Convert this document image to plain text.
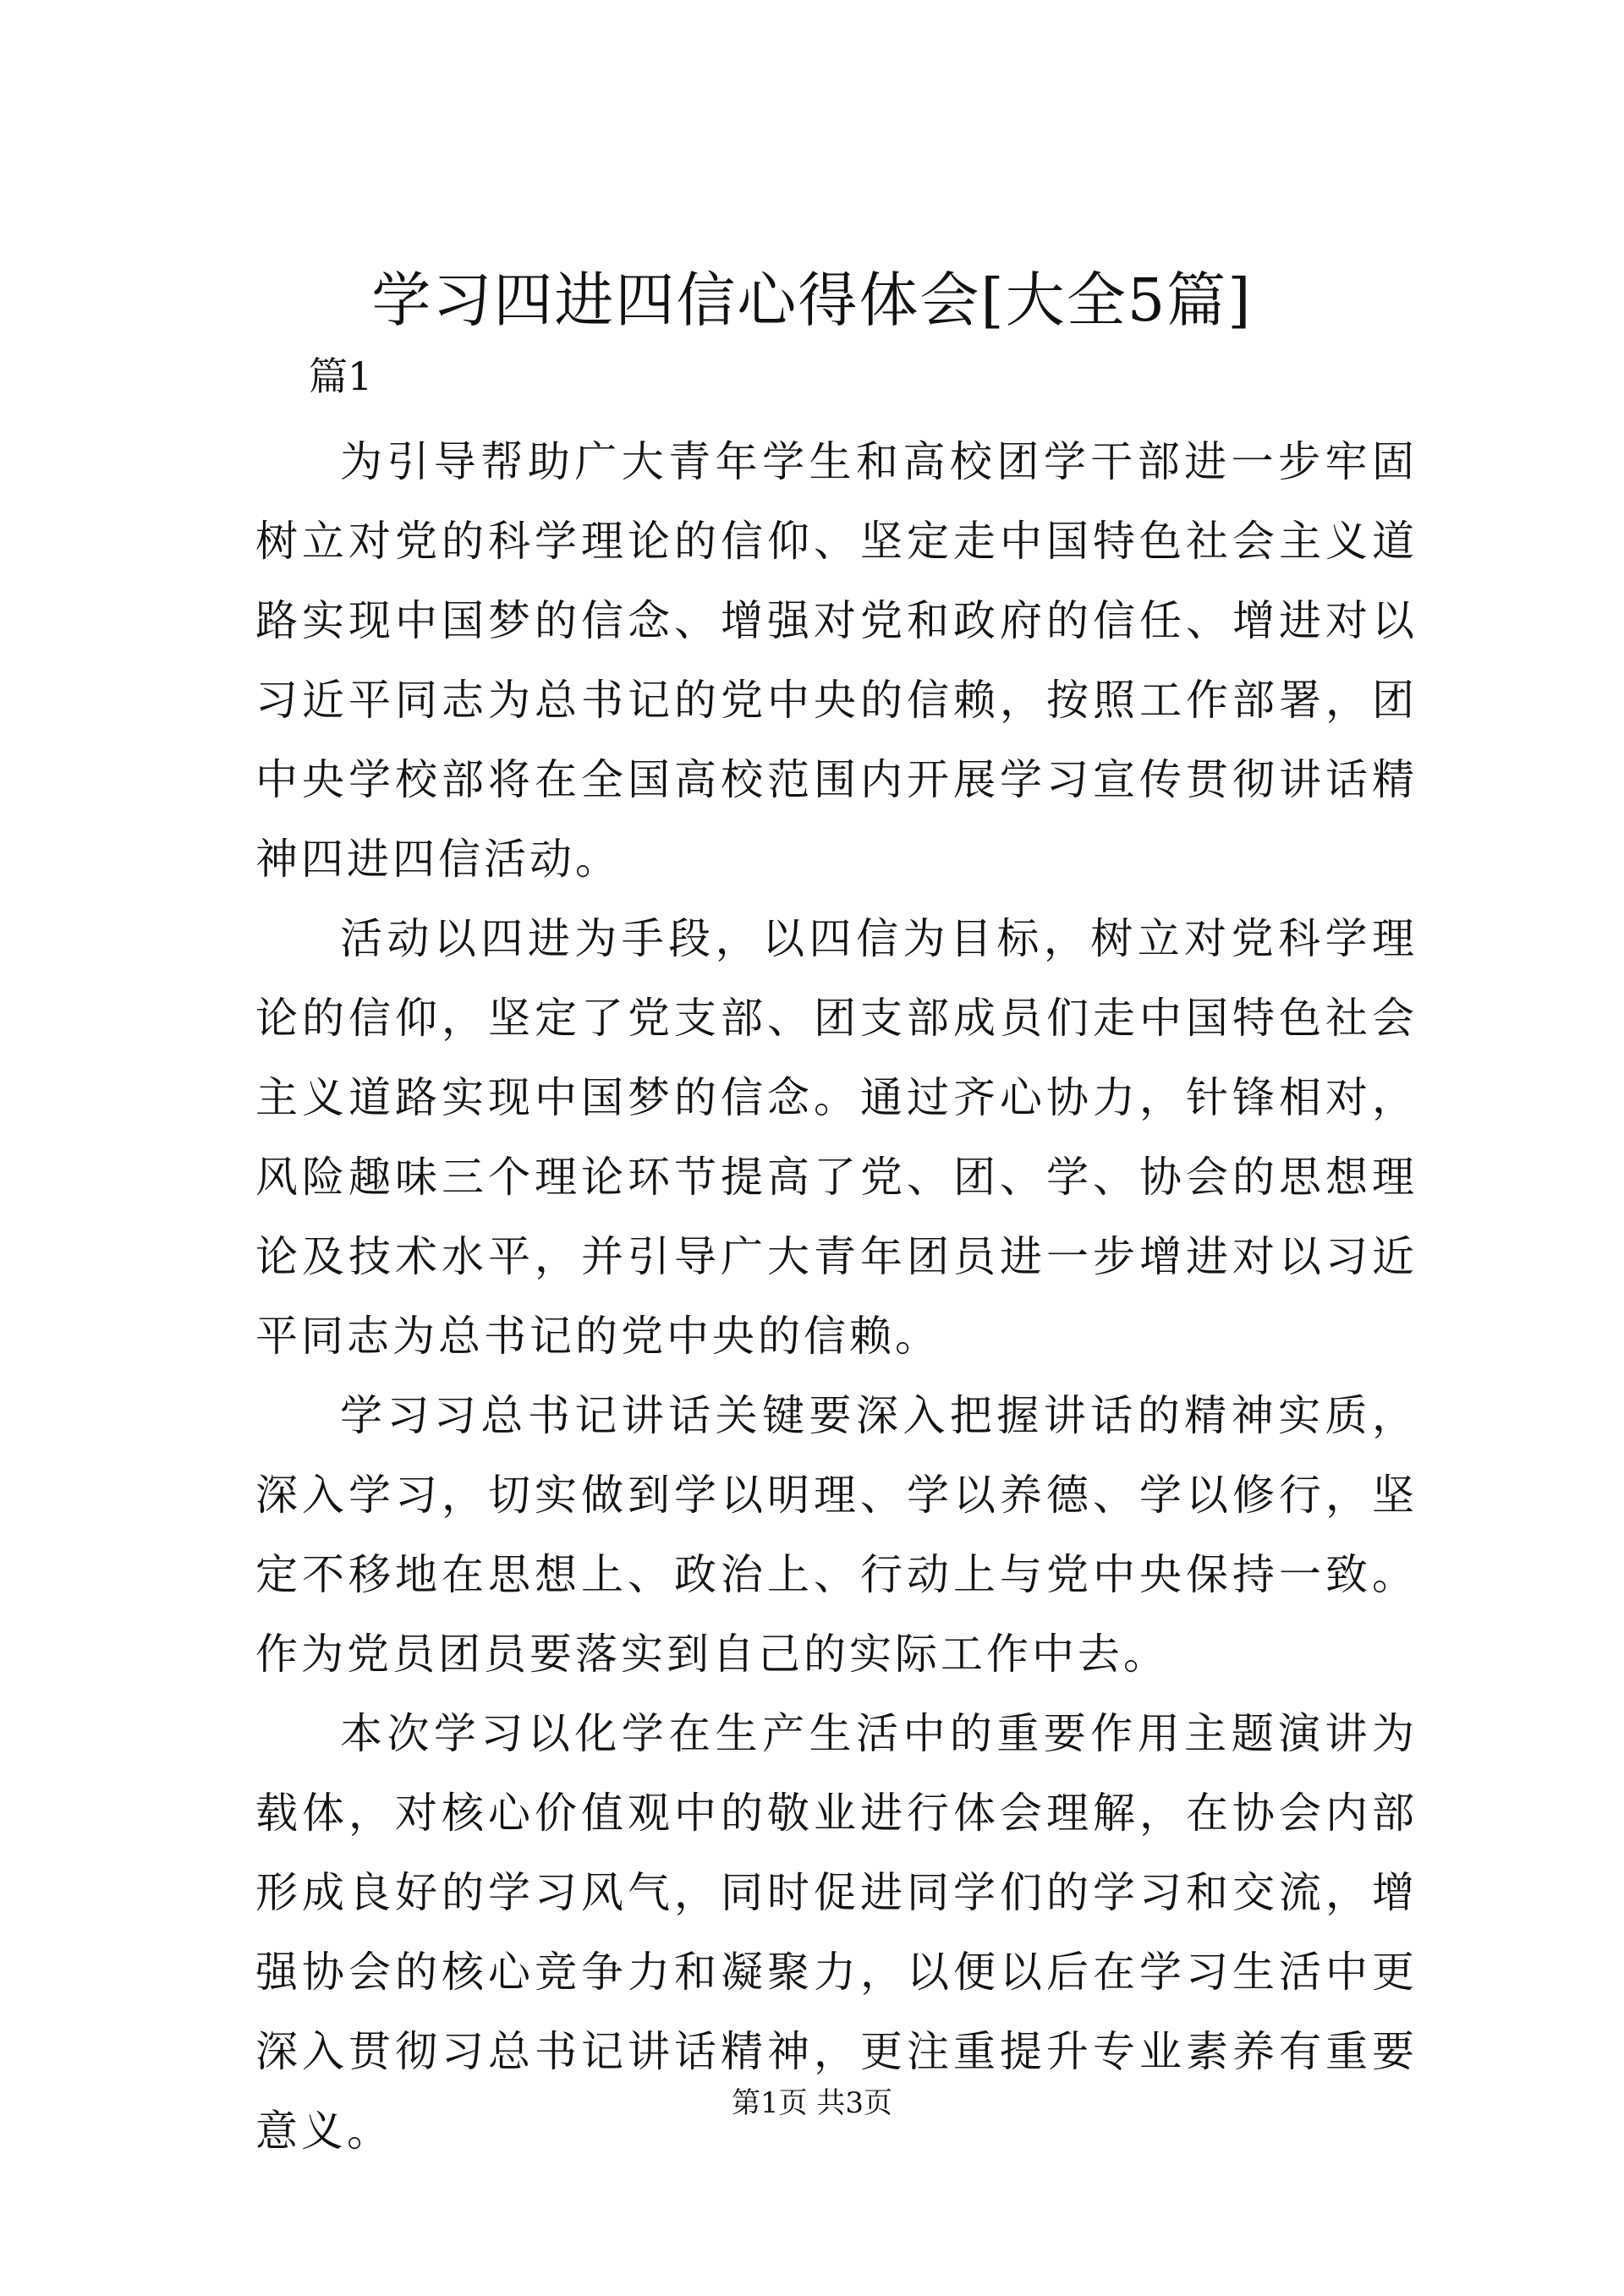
学习四进四信心得体会[大全5篇]
篇1

为引导帮助广大青年学生和高校团学干部进一步牢固树立对党的科学理论的信仰、坚定走中国特色社会主义道路实现中国梦的信念、增强对党和政府的信任、增进对以习近平同志为总书记的党中央的信赖，按照工作部署，团中央学校部将在全国高校范围内开展学习宣传贯彻讲话精神四进四信活动。

活动以四进为手段，以四信为目标，树立对党科学理论的信仰，坚定了党支部、团支部成员们走中国特色社会主义道路实现中国梦的信念。通过齐心协力，针锋相对，风险趣味三个理论环节提高了党、团、学、协会的思想理论及技术水平，并引导广大青年团员进一步增进对以习近平同志为总书记的党中央的信赖。

学习习总书记讲话关键要深入把握讲话的精神实质，深入学习，切实做到学以明理、学以养德、学以修行，坚定不移地在思想上、政治上、行动上与党中央保持一致。作为党员团员要落实到自己的实际工作中去。

本次学习以化学在生产生活中的重要作用主题演讲为载体，对核心价值观中的敬业进行体会理解，在协会内部形成良好的学习风气，同时促进同学们的学习和交流，增强协会的核心竞争力和凝聚力，以便以后在学习生活中更深入贯彻习总书记讲话精神，更注重提升专业素养有重要意义。

第1页 共3页
